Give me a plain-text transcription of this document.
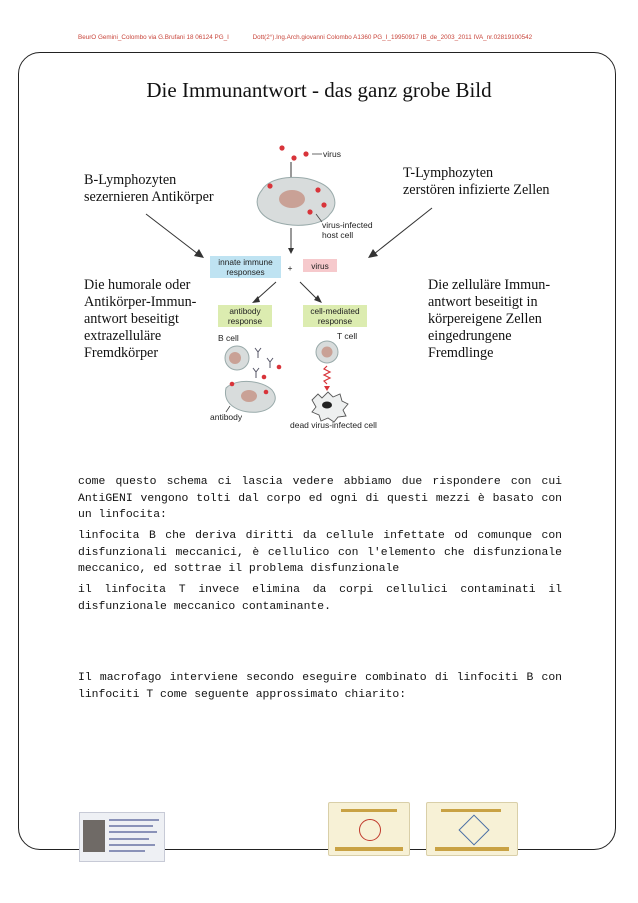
BeurO Gemini_Colombo via G.Brufani 18 06124 PG_I	Dott(2°).Ing.Arch.giovanni Colombo A1360 PG_I_19950917 IB_de_2003_2011 IVA_nr.02819100542
Die Immunantwort - das ganz grobe Bild
B-Lymphozyten
sezernieren Antikörper
T-Lymphozyten
zerstören infizierte Zellen
Die humorale oder
Antikörper-Immun-
antwort beseitigt
extrazelluläre
Fremdkörper
Die zelluläre Immun-
antwort beseitigt in
körpereigene Zellen
eingedrungene
Fremdlinge
virus
virus-infected
host cell
innate immune
responses	+ virus
antibody
response
cell-mediated
response
B cell
antibody
T cell
dead virus-infected cell
come questo schema ci lascia vedere abbiamo due rispondere con cui AntiGENI vengono tolti dal corpo ed ogni di questi mezzi è basato con un linfocita:
linfocita B che deriva diritti da cellule infettate od comunque con disfunzionali meccanici, è cellulico con l'elemento che disfunzionale meccanico, ed sottrae il problema disfunzionale
il linfocita T invece elimina da corpi cellulici contaminati il disfunzionale meccanico contaminante.
Il macrofago interviene secondo eseguire combinato di linfociti B con linfociti T come seguente approssimato chiarito:
